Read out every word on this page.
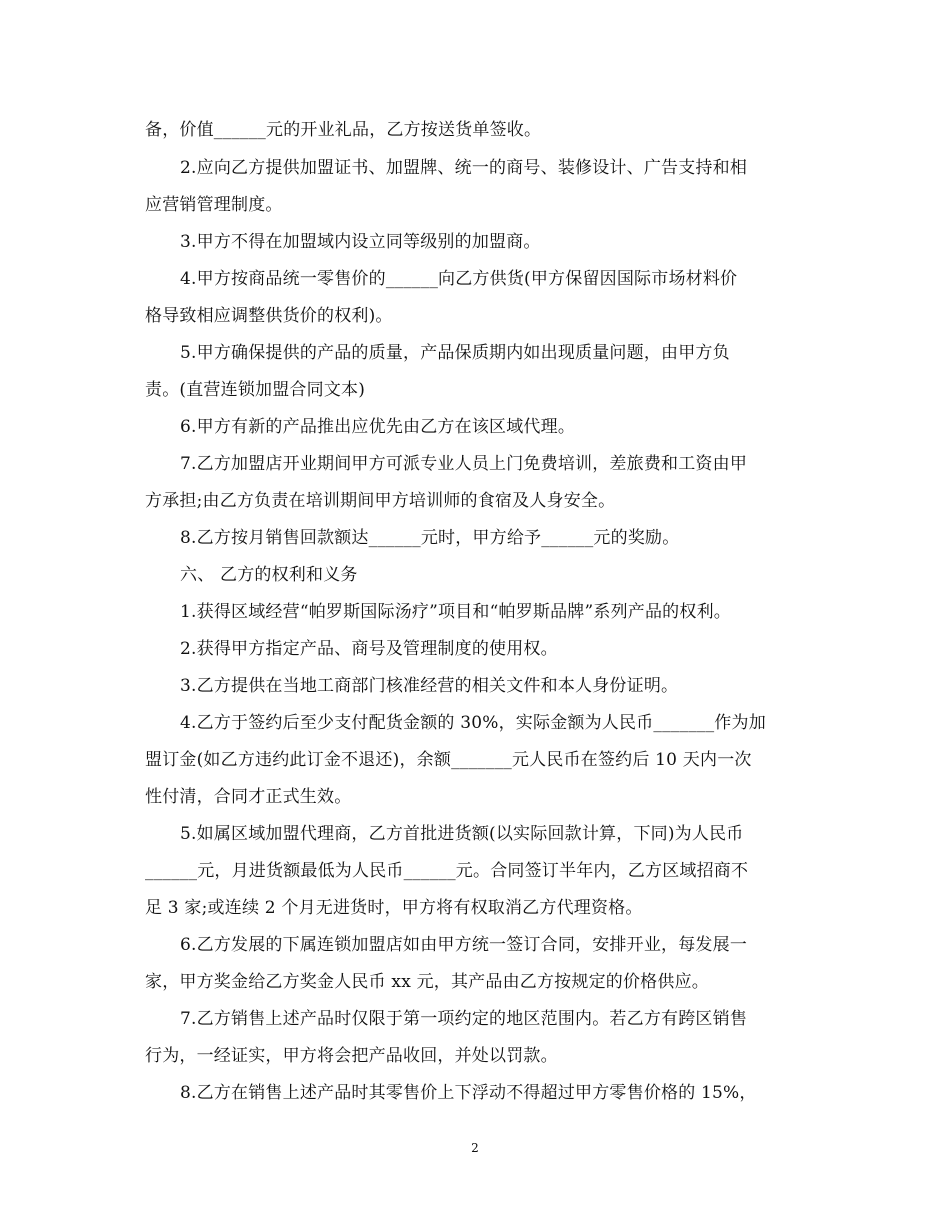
备，价值______元的开业礼品，乙方按送货单签收。
2.应向乙方提供加盟证书、加盟牌、统一的商号、装修设计、广告支持和相
应营销管理制度。
3.甲方不得在加盟域内设立同等级别的加盟商。
4.甲方按商品统一零售价的______向乙方供货(甲方保留因国际市场材料价
格导致相应调整供货价的权利)。
5.甲方确保提供的产品的质量，产品保质期内如出现质量问题，由甲方负
责。(直营连锁加盟合同文本)
6.甲方有新的产品推出应优先由乙方在该区域代理。
7.乙方加盟店开业期间甲方可派专业人员上门免费培训，差旅费和工资由甲
方承担;由乙方负责在培训期间甲方培训师的食宿及人身安全。
8.乙方按月销售回款额达______元时，甲方给予______元的奖励。
六、 乙方的权利和义务
1.获得区域经营“帕罗斯国际汤疗”项目和“帕罗斯品牌”系列产品的权利。
2.获得甲方指定产品、商号及管理制度的使用权。
3.乙方提供在当地工商部门核准经营的相关文件和本人身份证明。
4.乙方于签约后至少支付配货金额的 30%，实际金额为人民币_______作为加
盟订金(如乙方违约此订金不退还)，余额_______元人民币在签约后 10 天内一次
性付清，合同才正式生效。
5.如属区域加盟代理商，乙方首批进货额(以实际回款计算，下同)为人民币
______元，月进货额最低为人民币______元。合同签订半年内，乙方区域招商不
足 3 家;或连续 2 个月无进货时，甲方将有权取消乙方代理资格。
6.乙方发展的下属连锁加盟店如由甲方统一签订合同，安排开业，每发展一
家，甲方奖金给乙方奖金人民币 xx 元，其产品由乙方按规定的价格供应。
7.乙方销售上述产品时仅限于第一项约定的地区范围内。若乙方有跨区销售
行为，一经证实，甲方将会把产品收回，并处以罚款。
8.乙方在销售上述产品时其零售价上下浮动不得超过甲方零售价格的 15%，
2
